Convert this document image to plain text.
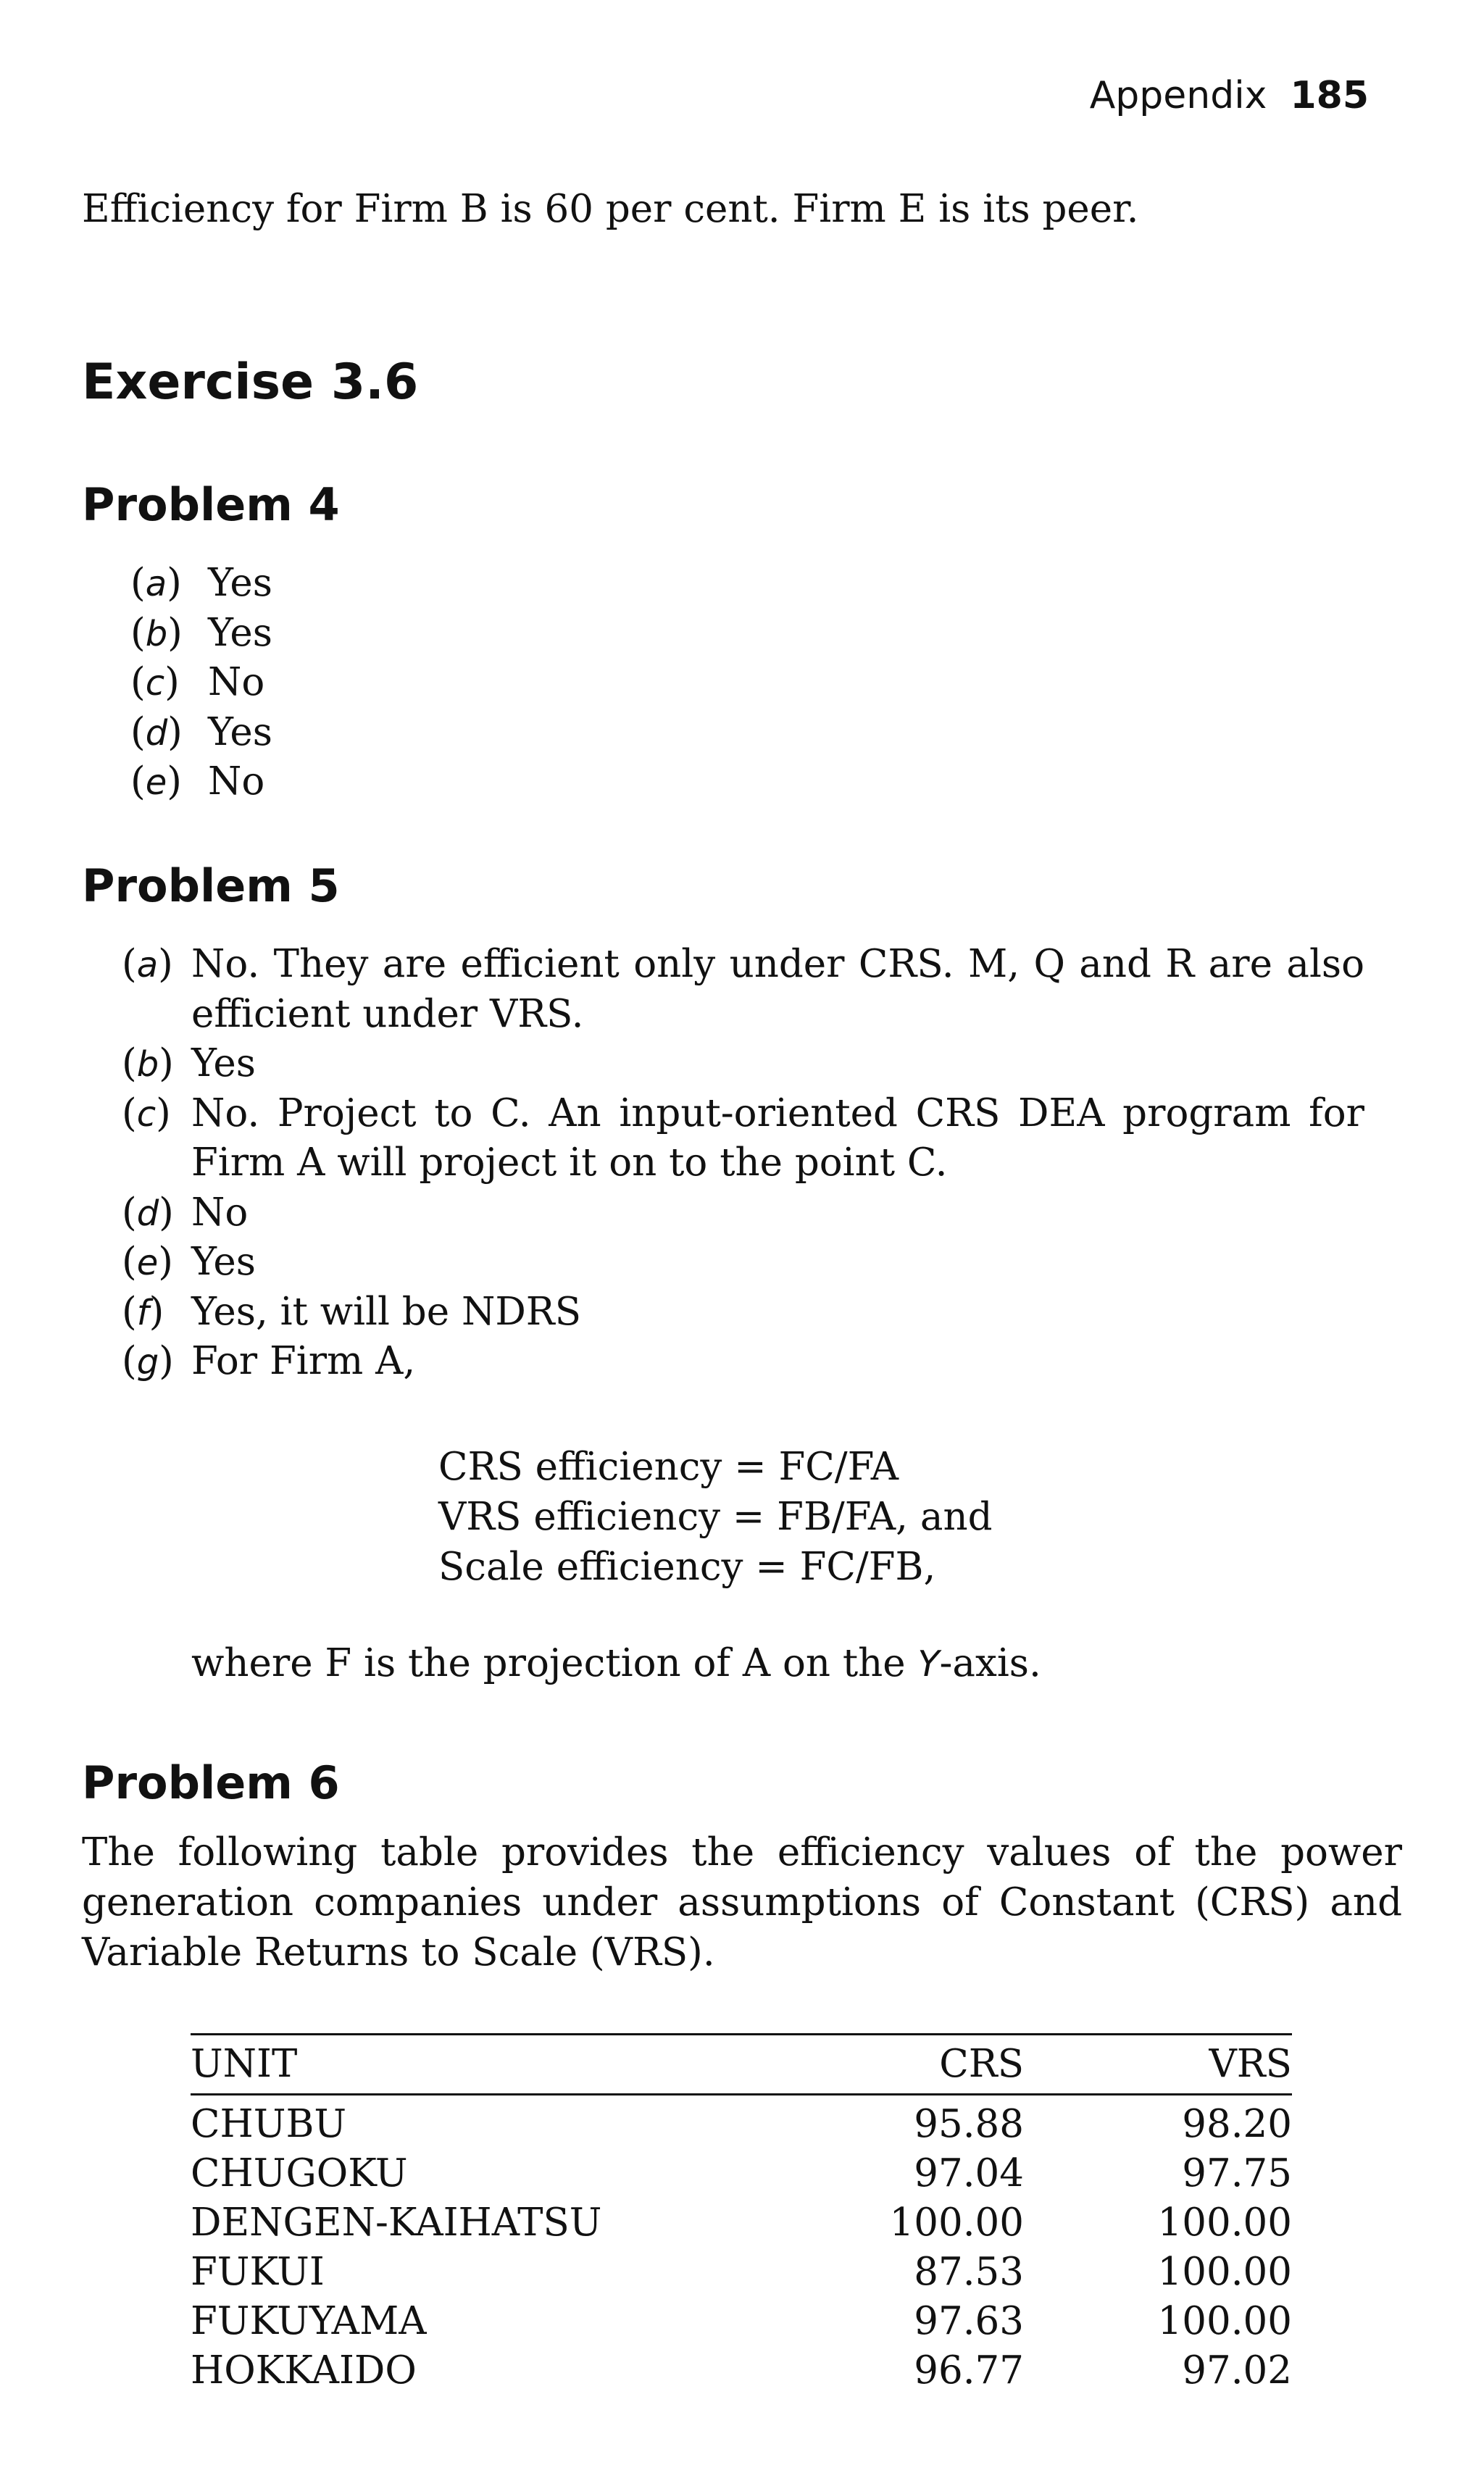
Appendix 185
Efficiency for Firm B is 60 per cent. Firm E is its peer.
Exercise 3.6
Problem 4
(a) Yes

(b) Yes

(c) No

(d) Yes

(e) No

Problem 5
(a) No. They are efficient only under CRS. M, Q and R are also efficient under VRS.
(b) Yes
(c) No. Project to C. An input-oriented CRS DEA program for Firm A will project it on to the point C.
(d) No
(e) Yes
(f) Yes, it will be NDRS
(g) For Firm A,
CRS efficiency = FC/FA
VRS efficiency = FB/FA, and
Scale efficiency = FC/FB,
where F is the projection of A on the Y-axis.
Problem 6
The following table provides the efficiency values of the power generation companies under assumptions of Constant (CRS) and Variable Returns to Scale (VRS).
UNIT	CRS	VRS
CHUBU	95.88	98.20
CHUGOKU	97.04	97.75
DENGEN-KAIHATSU	100.00	100.00
FUKUI	87.53	100.00
FUKUYAMA	97.63	100.00
HOKKAIDO	96.77	97.02
